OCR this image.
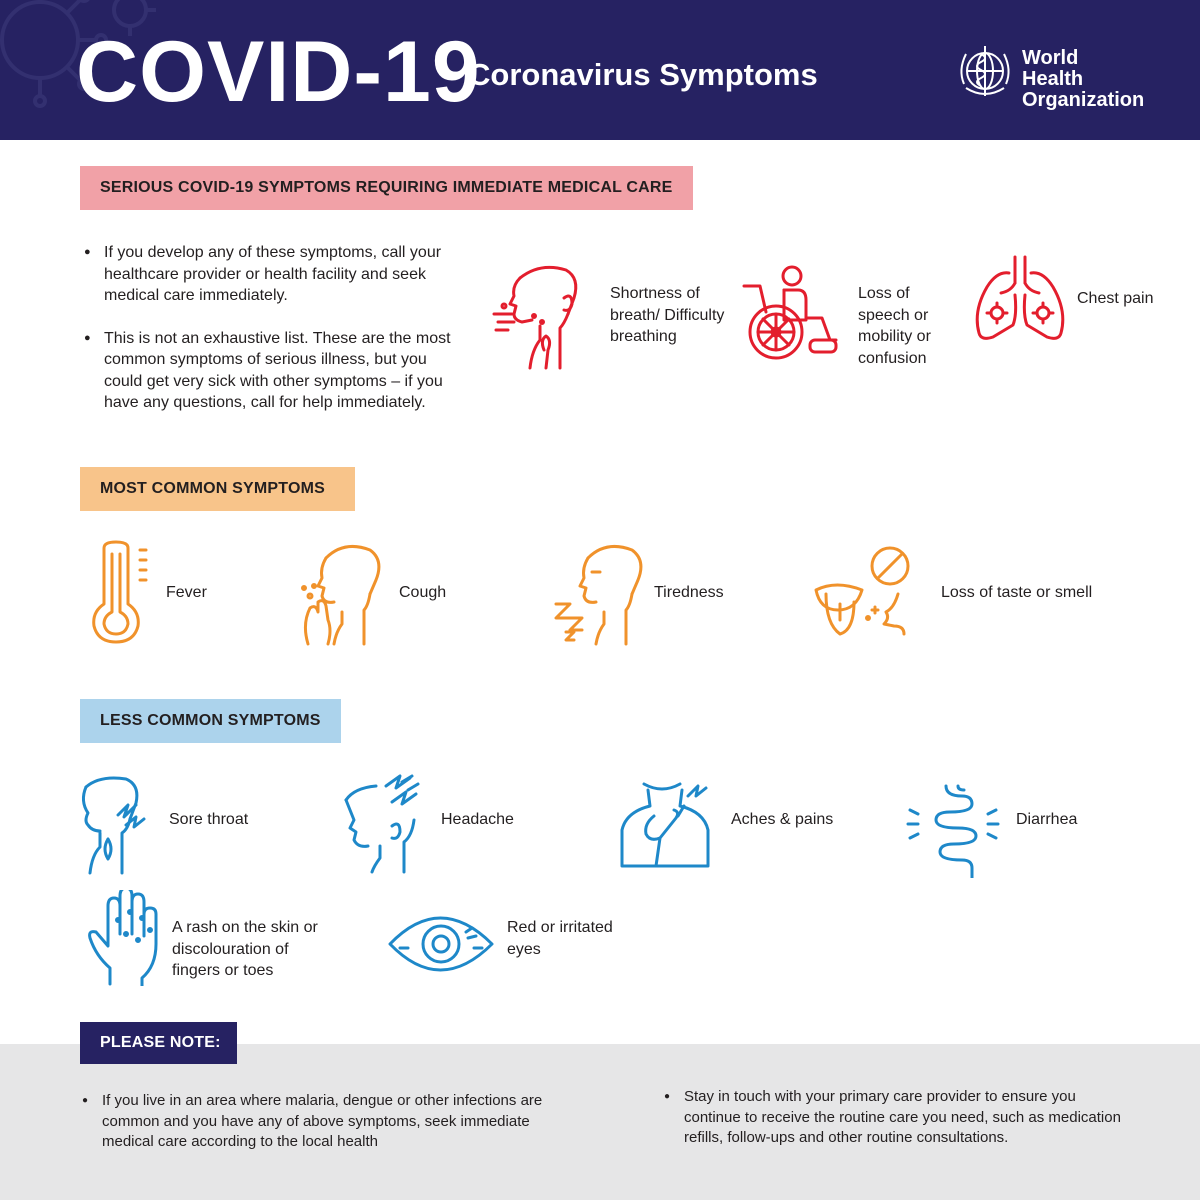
COVID-19
Coronavirus Symptoms	World Health
Organization
SERIOUS COVID-19 SYMPTOMS REQUIRING IMMEDIATE MEDICAL CARE
● If you develop any of these symptoms, call your healthcare provider or health facility and seek medical care immediately.
● This is not an exhaustive list. These are the most common symptoms of serious illness, but you could get very sick with other symptoms – if you have any questions, call for help immediately.
Shortness of breath/ Difficulty breathing
Loss of speech or mobility or confusion
Chest pain
MOST COMMON SYMPTOMS
Fever	Cough	Tiredness	Loss of taste or smell
LESS COMMON SYMPTOMS
Sore throat	Headache	Aches & pains	Diarrhea
A rash on the skin or discolouration of fingers or toes
Red or irritated eyes
PLEASE NOTE:
● If you live in an area where malaria, dengue or other infections are common and you have any of above symptoms, seek immediate medical care according to the local health
● Stay in touch with your primary care provider to ensure you continue to receive the routine care you need, such as medication refills, follow-ups and other routine consultations.
